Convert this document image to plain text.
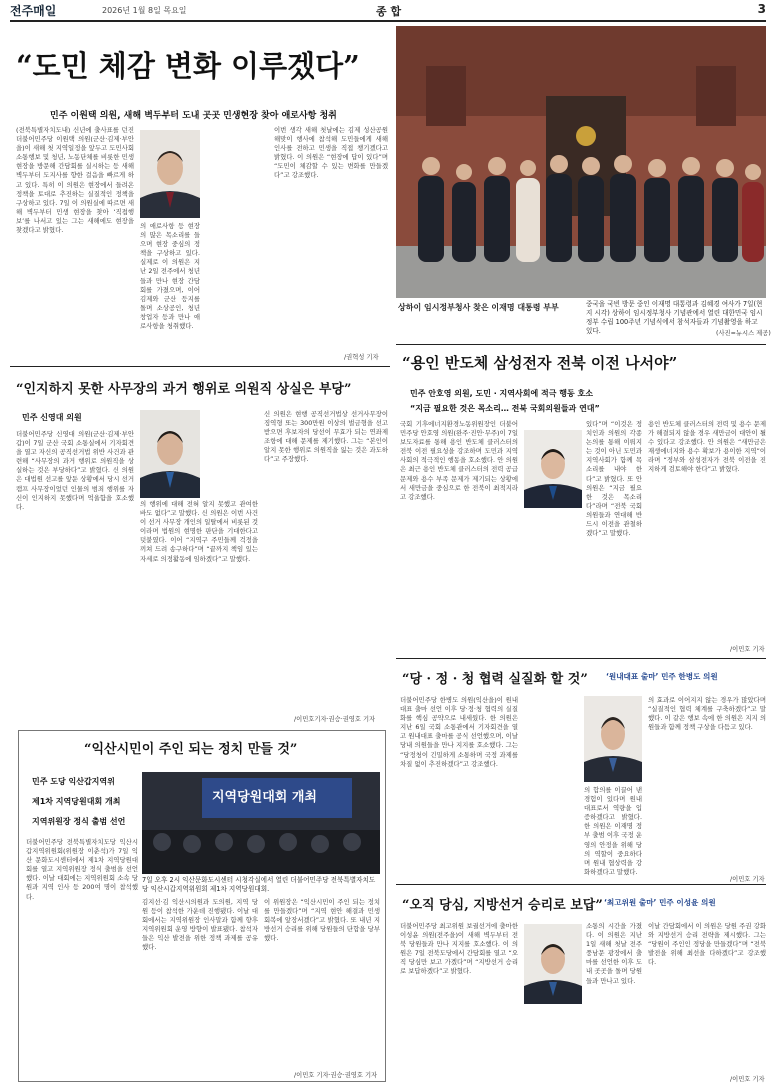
전주매일	2026년 1월 8일 목요일	종 합	3
“도민 체감 변화 이루겠다”
민주 이원택 의원, 새해 벽두부터 도내 곳곳 민생현장 찾아 애로사항 청취
(전북특별자치도내) 신년에 출사표를 던진 더불어민주당 이원택 의원(군산·김제·부안을)이 새해 첫 지역일정을 앞두고 도민사회 소통행보 및 청년, 노동단체를 비롯한 민생현장을 방문해 간담회를 실시하는 등 새해벽두부터 도지사를 향한 걸음을 빠르게 하고 있다. 특히 이 의원은 현장에서 들려온 정책을 토대로 추진하는 실질적인 정책을 구상하고 있다. 7일 이 의원실에 따르면 새해 벽두부터 민생 현장을 찾아 ‘직접행보’를 나서고 있는 그는 새해에도 현장을 찾겠다고 밝혔다.
의 애로사항 등 현장의 많은 목소리를 들으며 현장 중심의 정책을 구상하고 있다. 실제로 이 의원은 지난 2일 전주에서 청년들과 만나 현장 간담회를 가졌으며, 이어 김제와 군산 등지를 돌며 소상공인, 청년 창업자 등과 만나 애로사항을 청취했다.
이번 생각 새해 첫날에는 김제 성산공원 해맞이 행사에 참석해 도민들에게 새해 인사를 전하고 민생을 직접 챙기겠다고 밝혔다. 이 의원은 “현장에 답이 있다”며 “도민이 체감할 수 있는 변화를 만들겠다”고 강조했다.
/권혁성 기자
상하이 임시정부청사 찾은 이재명 대통령 부부	중국을 국빈 방문 중인 이재명 대통령과 김혜경 여사가 7일(현지 시각) 상하이 임시정부청사 기념관에서 열린 대한민국 임시정부 수립 100주년 기념식에서 참석자들과 기념촬영을 하고 있다.	(사진=뉴시스 제공)
“용인 반도체 삼성전자 전북 이전 나서야”
민주 안호영 의원, 도민 · 지역사회에 적극 행동 호소
“지금 필요한 것은 목소리… 전북 국회의원들과 연대”
국회 기후에너지환경노동위원장인 더불어민주당 안호영 의원(완주·진안·무주)이 7일 보도자료를 통해 용인 반도체 클러스터의 전북 이전 필요성을 강조하며 도민과 지역사회의 적극적인 행동을 호소했다. 안 의원은 최근 용인 반도체 클러스터의 전력 공급 문제와 용수 부족 문제가 제기되는 상황에서 새만금을 중심으로 한 전북이 최적지라고 강조했다.
있다”며 “이것은 정치인과 의원의 각종 논의를 통해 이뤄지는 것이 아닌 도민과 지역사회가 함께 목소리를 내야 한다”고 밝혔다. 또 안 의원은 “지금 필요한 것은 목소리다”라며 “전북 국회의원들과 연대해 반드시 이전을 관철하겠다”고 말했다.
용인 반도체 클러스터의 전력 및 용수 문제가 해결되지 않을 경우 새만금이 대안이 될 수 있다고 강조했다. 안 의원은 “새만금은 재생에너지와 용수 확보가 용이한 지역”이라며 “정부와 삼성전자가 전북 이전을 진지하게 검토해야 한다”고 밝혔다.
/이민호 기자
“인지하지 못한 사무장의 과거 행위로 의원직 상실은 부당”
민주 신영대 의원
더불어민주당 신영대 의원(군산·김제·부안갑)이 7일 군산 국회 소통실에서 기자회견을 열고 자신의 공직선거법 위반 사건과 관련해 “사무장의 과거 행위로 의원직을 상실하는 것은 부당하다”고 밝혔다. 신 의원은 대법원 선고를 앞둔 상황에서 당시 선거캠프 사무장이었던 인물의 범죄 행위를 자신이 인지하지 못했다며 억울함을 호소했다.	의 행위에 대해 전혀 알지 못했고 관여한 바도 없다”고 말했다. 신 의원은 이번 사건이 선거 사무장 개인의 일탈에서 비롯된 것이라며 법원의 현명한 판단을 기대한다고 덧붙였다. 이어 “지역구 주민들께 걱정을 끼쳐 드려 송구하다”며 “끝까지 책임 있는 자세로 의정활동에 임하겠다”고 말했다.
신 의원은 현행 공직선거법상 선거사무장이 징역형 또는 300만원 이상의 벌금형을 선고받으면 후보자의 당선이 무효가 되는 연좌제 조항에 대해 문제를 제기했다. 그는 “본인이 알지 못한 행위로 의원직을 잃는 것은 과도하다”고 주장했다.
/이민호기자·권승·권영호 기자
“당 · 정 · 청 협력 실질화 할 것” ‘원내대표 출마’ 민주 한병도 의원
더불어민주당 한병도 의원(익산을)이 원내대표 출마 선언 이후 당·정·청 협력의 실질화를 핵심 공약으로 내세웠다. 한 의원은 지난 6일 국회 소통관에서 기자회견을 열고 원내대표 출마를 공식 선언했으며, 이날 당내 의원들을 만나 지지를 호소했다. 그는 “당정청이 긴밀하게 소통하며 국정 과제를 차질 없이 추진하겠다”고 강조했다.
의 합의를 이끌어 낸 경험이 있다며 원내대표로서 역량을 입증하겠다고 밝혔다. 한 의원은 이재명 정부 출범 이후 국정 운영의 안정을 위해 당의 역할이 중요하다며 원내 협상력을 강화하겠다고 말했다.
의 효과로 이어지지 않는 경우가 많았다며 “실질적인 협력 체계를 구축하겠다”고 말했다. 이 같은 행보 속에 한 의원은 지지 의원들과 함께 정책 구상을 다듬고 있다.
/이민호 기자
“익산시민이 주인 되는 정치 만들 것”
민주 도당 익산갑지역위
제1차 지역당원대회 개최
지역위원장 정식 출범 선언
더불어민주당 전북특별자치도당 익산시갑지역위원회(위원장 이춘석)가 7일 익산 문화도시센터에서 제1차 지역당원대회를 열고 지역위원장 정식 출범을 선언했다. 이날 대회에는 지역위원회 소속 당원과 지역 인사 등 200여 명이 참석했다.
지역당원대회 개최
7일 오후 2시 익산문화도시센터 시청각실에서 열린 더불어민주당 전북특별자치도당 익산시갑지역위원회 제1차 지역당원대회.
김지선·김 익산시의원과 도의원, 지역 당원 등이 참석한 가운데 진행됐다. 이날 대회에서는 지역위원장 인사말과 함께 향후 지역위원회 운영 방향이 발표됐다. 참석자들은 익산 발전을 위한 정책 과제를 공유했다.
이 위원장은 “익산시민이 주인 되는 정치를 만들겠다”며 “지역 현안 해결과 민생 회복에 앞장서겠다”고 밝혔다. 또 내년 지방선거 승리를 위해 당원들의 단합을 당부했다.
/이민호 기자·권승·권영호 기자
“오직 당심, 지방선거 승리로 보답” ‘최고위원 출마’ 민주 이성윤 의원
더불어민주당 최고위원 보궐선거에 출마한 이성윤 의원(전주을)이 새해 벽두부터 전북 당원들과 만나 지지를 호소했다. 이 의원은 7일 전북도당에서 간담회를 열고 “오직 당심만 보고 가겠다”며 “지방선거 승리로 보답하겠다”고 밝혔다.
소통의 시간을 가졌다. 이 의원은 지난 1일 새해 첫날 전주 풍남문 광장에서 출마를 선언한 이후 도내 곳곳을 돌며 당원들과 만나고 있다.
이날 간담회에서 이 의원은 당원 주권 강화와 지방선거 승리 전략을 제시했다. 그는 “당원이 주인인 정당을 만들겠다”며 “전북 발전을 위해 최선을 다하겠다”고 강조했다.
/이민호 기자
